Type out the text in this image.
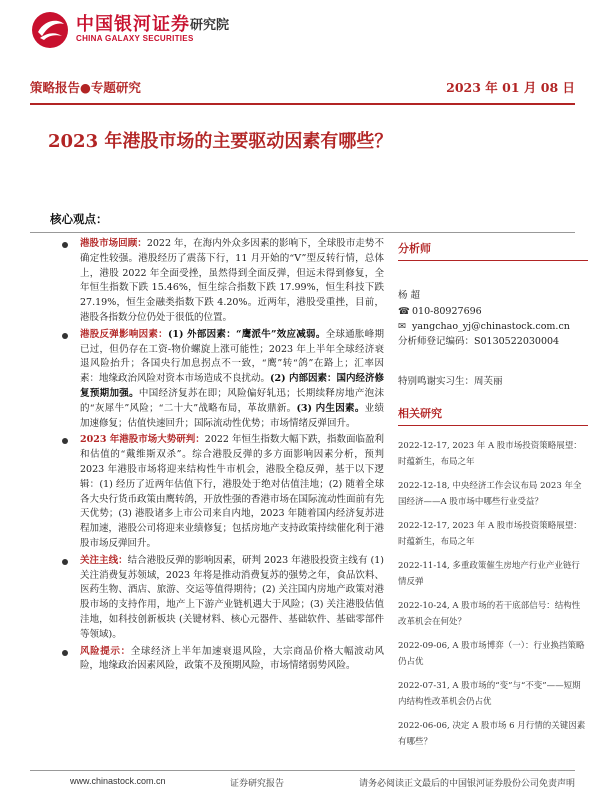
中国银河证券
CHINA GALAXY SECURITIES
研究院
策略报告●专题研究	2023 年 01 月 08 日
2023 年港股市场的主要驱动因素有哪些？
核心观点：
港股市场回顾：2022 年，在海内外众多因素的影响下，全球股市走势不确定性较强。港股经历了震荡下行，11 月开始的“V”型反转行情，总体上，港股 2022 年全面受挫，虽然得到全面反弹，但远未得到修复，全年恒生指数下跌 15.46%，恒生综合指数下跌 17.99%，恒生科技下跌 27.19%，恒生金融类指数下跌 4.20%。近两年，港股受重挫，目前，港股各指数分位仍处于很低的位置。
港股反弹影响因素：(1) 外部因素：“鹰派牛”效应减弱。全球通胀峰期已过，但仍存在工资-物价螺旋上涨可能性；2023 年上半年全球经济衰退风险抬升；各国央行加息拐点不一致，“鹰”转“鸽”在路上；汇率因素：地缘政治风险对资本市场造成不良扰动。(2) 内部因素：国内经济修复预期加强。中国经济复苏在即；风险偏好轧迅；长期续释房地产泡沫的“灰犀牛”风险；“二十大”战略布局，革故鼎新。(3) 内生因素。业绩加速修复；估值快速回升；国际流动性优势；市场情绪反弹回升。
2023 年港股市场大势研判：2022 年恒生指数大幅下跌，指数面临盈利和估值的“戴维斯双杀”。综合港股反弹的多方面影响因素分析，预判 2023 年港股市场将迎来结构性牛市机会，港股全稳反弹，基于以下逻辑：(1) 经历了近两年估值下行，港股处于绝对估值洼地；(2) 随着全球各大央行货币政策由鹰转鸽，开放性强的香港市场在国际流动性面前有先天优势；(3) 港股诸多上市公司来自内地，2023 年随着国内经济复苏进程加速，港股公司将迎来业绩修复；包括房地产支持政策持续催化利于港股市场反弹回升。
关注主线：结合港股反弹的影响因素，研判 2023 年港股投资主线有 (1) 关注消费复苏领域，2023 年将是推动消费复苏的强势之年，食品饮料、医药生物、酒店、旅游、交运等值得期待；(2) 关注国内房地产政策对港股市场的支持作用，地产上下游产业链机遇大于风险；(3) 关注港股估值洼地，如科技创新板块 (关键材料、核心元器件、基础软件、基础零部件等领域)。
风险提示：全球经济上半年加速衰退风险，大宗商品价格大幅波动风险，地缘政治因素风险，政策不及预期风险，市场情绪弱势风险。
分析师
杨 超
☎ 010-80927696
✉ yangchao_yj@chinastock.com.cn
分析师登记编码：S0130522030004
特别鸣谢实习生：周芙丽
相关研究
2022-12-17, 2023 年 A 股市场投资策略展望：时蕴新生，布局之年
2022-12-18, 中央经济工作会议布局 2023 年全国经济——A 股市场中哪些行业受益？
2022-12-17, 2023 年 A 股市场投资策略展望：时蕴新生，布局之年
2022-11-14, 多重政策催生房地产行业产业链行情反弹
2022-10-24, A 股市场的若干底部信号：结构性改革机会在何处？
2022-09-06, A 股市场博弈（一）：行业换挡策略仍占优
2022-07-31, A 股市场的“变”与“不变”——短期内结构性改革机会仍占优
2022-06-06, 决定 A 股市场 6 月行情的关键因素有哪些？
www.chinastock.com.cn	证券研究报告	请务必阅读正文最后的中国银河证券股份公司免责声明
